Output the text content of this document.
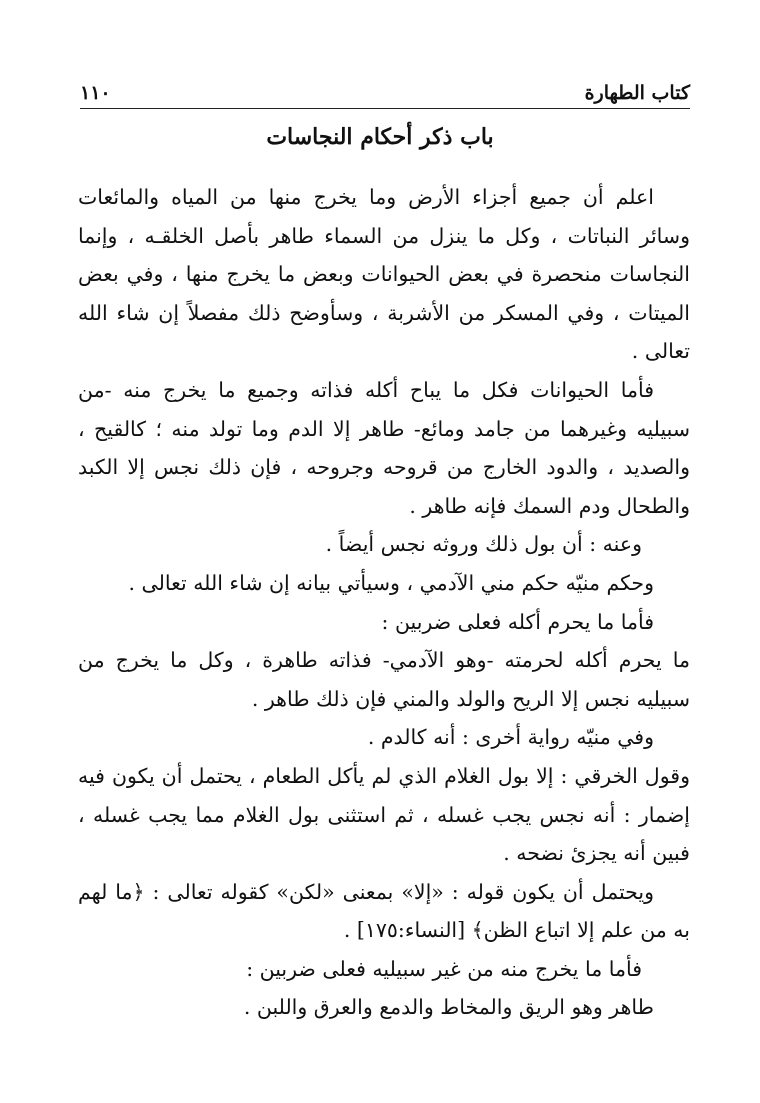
كتاب الطهارة
١١٠
باب ذكر أحكام النجاسات

اعلم أن جميع أجزاء الأرض وما يخرج منها من المياه والمائعات وسائر النباتات ، وكل ما ينزل من السماء طاهر بأصل الخلقـه ، وإنما النجاسات منحصرة في بعض الحيوانات وبعض ما يخرج منها ، وفي بعض الميتات ، وفي المسكر من الأشربة ، وسأوضح ذلك مفصلاً إن شاء الله تعالى .

فأما الحيوانات فكل ما يباح أكله فذاته وجميع ما يخرج منه -من سبيليه وغيرهما من جامد ومائع- طاهر إلا الدم وما تولد منه ؛ كالقيح ، والصديد ، والدود الخارج من قروحه وجروحه ، فإن ذلك نجس إلا الكبد والطحال ودم السمك فإنه طاهر .

وعنه : أن بول ذلك وروثه نجس أيضاً .

وحكم منيّه حكم مني الآدمي ، وسيأتي بيانه إن شاء الله تعالى .

فأما ما يحرم أكله فعلى ضربين :

ما يحرم أكله لحرمته -وهو الآدمي- فذاته طاهرة ، وكل ما يخرج من سبيليه نجس إلا الريح والولد والمني فإن ذلك طاهر .

وفي منيّه رواية أخرى : أنه كالدم .

وقول الخرقي : إلا بول الغلام الذي لم يأكل الطعام ، يحتمل أن يكون فيه إضمار : أنه نجس يجب غسله ، ثم استثنى بول الغلام مما يجب غسله ، فبين أنه يجزئ نضحه .

ويحتمل أن يكون قوله : «إلا» بمعنى «لكن» كقوله تعالى : ﴿ما لهم به من علم إلا اتباع الظن﴾ [النساء:١٧٥] .

فأما ما يخرج منه من غير سبيليه فعلى ضربين :

طاهر وهو الريق والمخاط والدمع والعرق واللبن .
